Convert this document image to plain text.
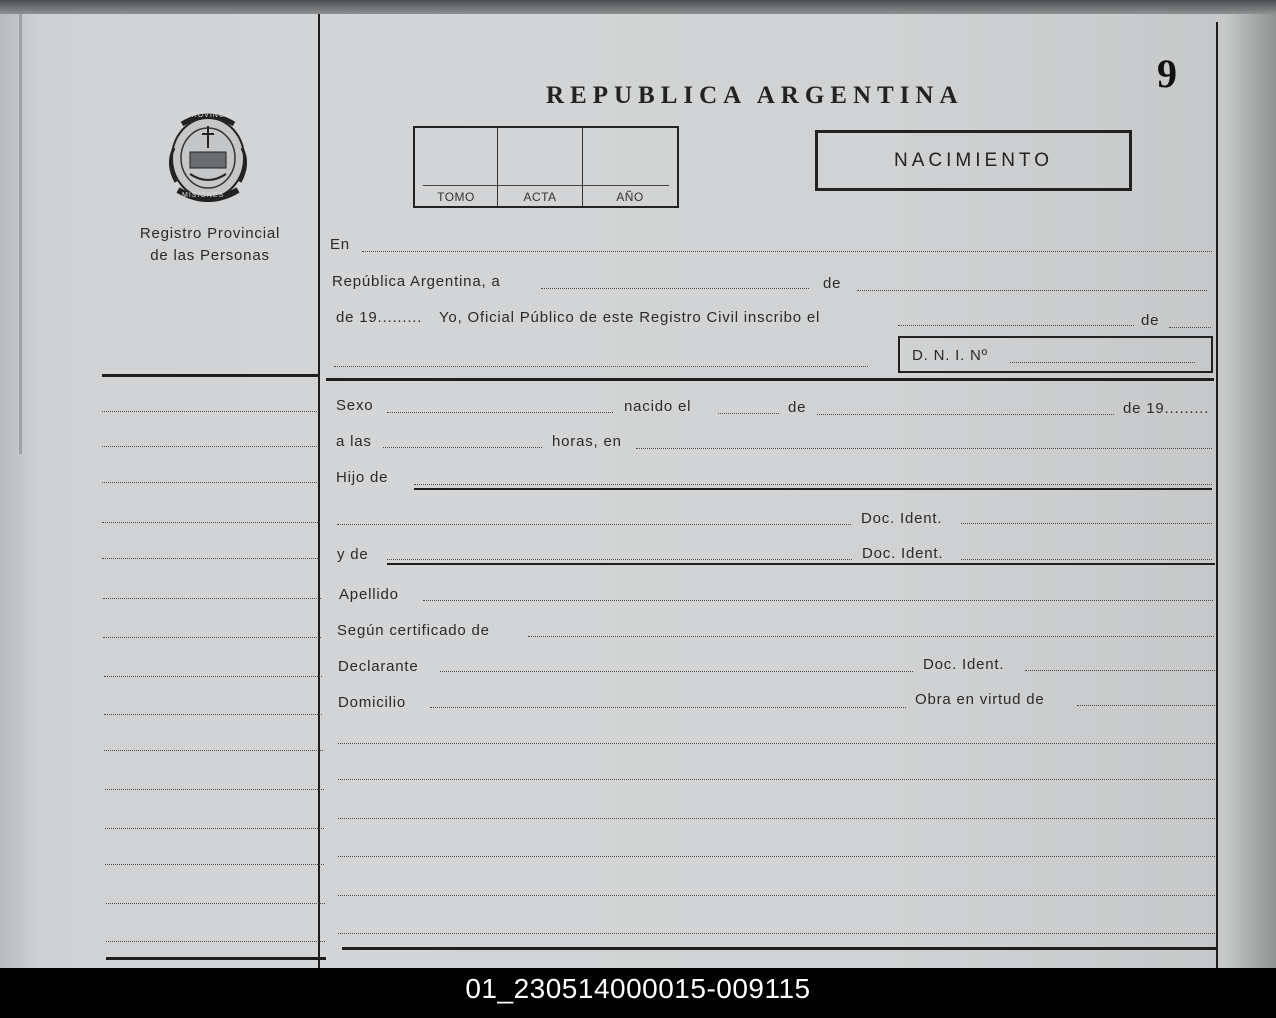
9
REPUBLICA ARGENTINA
PROVINCIA
MISIONES
Registro Provincial
de las Personas
TOMO	ACTA	AÑO
NACIMIENTO
En
República Argentina, a	de
de 19......... Yo, Oficial Público de este Registro Civil inscribo el	de
D. N. I. Nº
Sexo	nacido el	de	de 19.........
a las	horas, en
Hijo de
Doc. Ident.
y de	Doc. Ident.
Apellido
Según certificado de
Declarante	Doc. Ident.
Domicilio	Obra en virtud de
01_230514000015-009115
